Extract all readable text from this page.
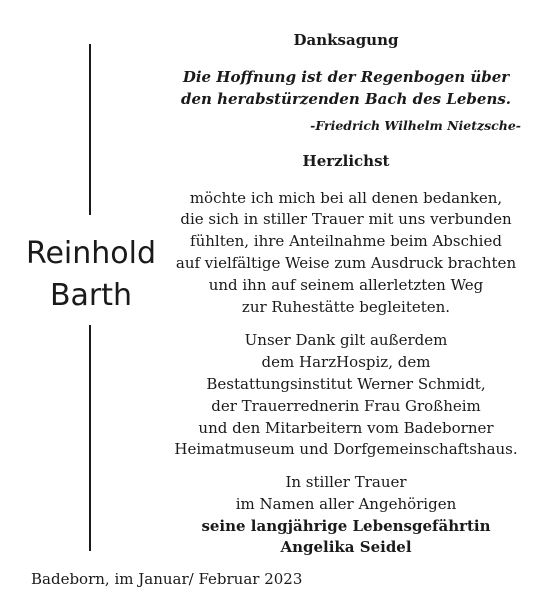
Reinhold
Barth
Danksagung
Die Hoffnung ist der Regenbogen über
den herabstürzenden Bach des Lebens.
-Friedrich Wilhelm Nietzsche-
Herzlichst
möchte ich mich bei all denen bedanken,
die sich in stiller Trauer mit uns verbunden
fühlten, ihre Anteilnahme beim Abschied
auf vielfältige Weise zum Ausdruck brachten
und ihn auf seinem allerletzten Weg
zur Ruhestätte begleiteten.
Unser Dank gilt außerdem
dem HarzHospiz, dem
Bestattungsinstitut Werner Schmidt,
der Trauerrednerin Frau Großheim
und den Mitarbeitern vom Badeborner
Heimatmuseum und Dorfgemeinschaftshaus.
In stiller Trauer
im Namen aller Angehörigen
seine langjährige Lebensgefährtin
Angelika Seidel
Badeborn, im Januar/ Februar 2023
